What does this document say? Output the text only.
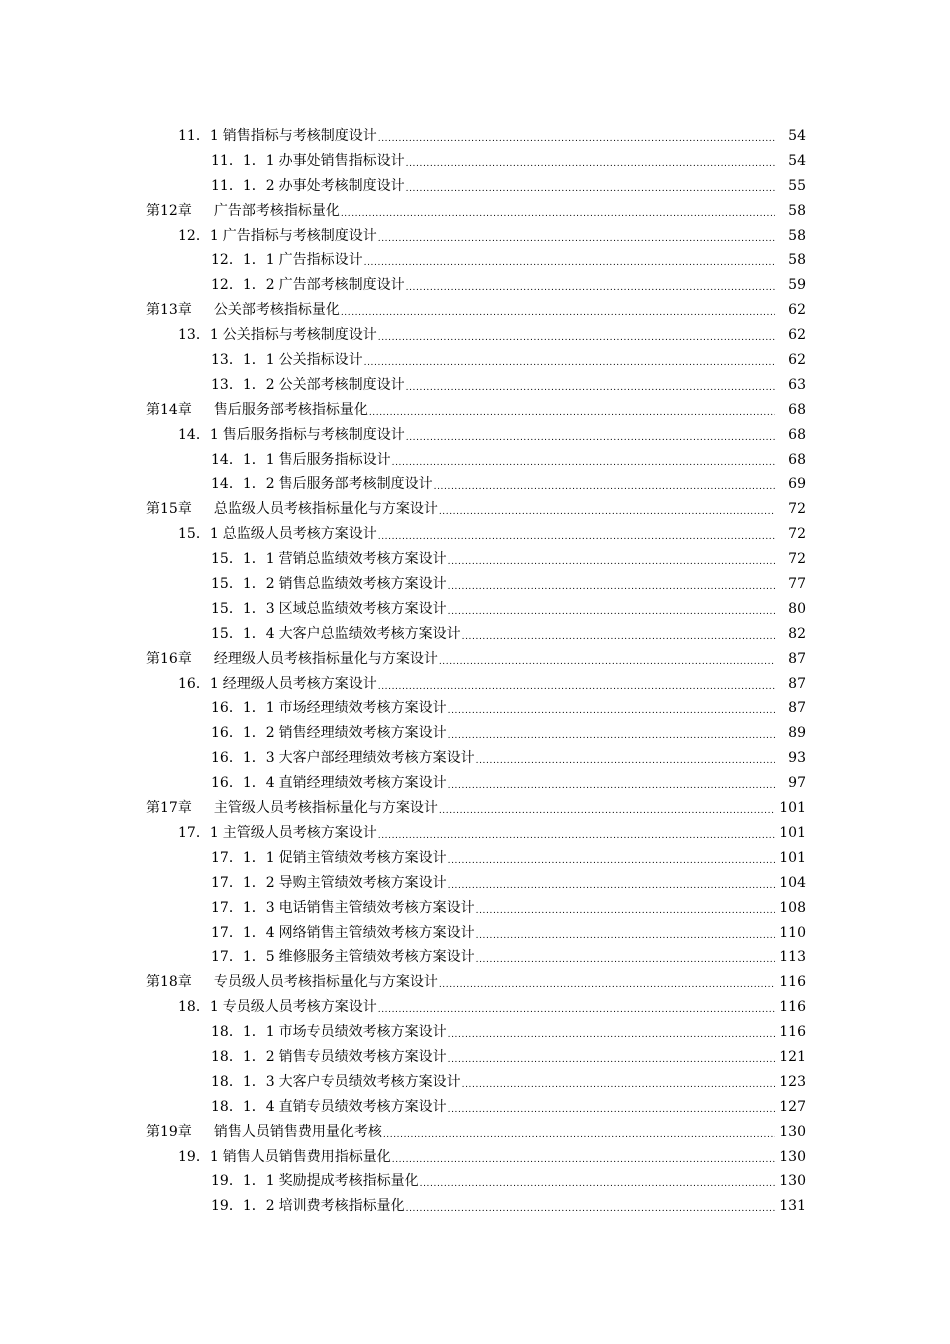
11．1 销售指标与考核制度设计 .....	54
11．1．1 办事处销售指标设计 .....	54
11．1．2 办事处考核制度设计 .....	55
第12章 广告部考核指标量化 .....	58
12．1 广告指标与考核制度设计 .....	58
12．1．1 广告指标设计 .....	58
12．1．2 广告部考核制度设计 .....	59
第13章 公关部考核指标量化 .....	62
13．1 公关指标与考核制度设计 .....	62
13．1．1 公关指标设计 .....	62
13．1．2 公关部考核制度设计 .....	63
第14章 售后服务部考核指标量化 .....	68
14．1 售后服务指标与考核制度设计 .....	68
14．1．1 售后服务指标设计 .....	68
14．1．2 售后服务部考核制度设计 .....	69
第15章 总监级人员考核指标量化与方案设计 .....	72
15．1 总监级人员考核方案设计 .....	72
15．1．1 营销总监绩效考核方案设计 .....	72
15．1．2 销售总监绩效考核方案设计 .....	77
15．1．3 区域总监绩效考核方案设计 .....	80
15．1．4 大客户总监绩效考核方案设计 .....	82
第16章 经理级人员考核指标量化与方案设计 .....	87
16．1 经理级人员考核方案设计 .....	87
16．1．1 市场经理绩效考核方案设计 .....	87
16．1．2 销售经理绩效考核方案设计 .....	89
16．1．3 大客户部经理绩效考核方案设计 .....	93
16．1．4 直销经理绩效考核方案设计 .....	97
第17章 主管级人员考核指标量化与方案设计 .....	101
17．1 主管级人员考核方案设计 .....	101
17．1．1 促销主管绩效考核方案设计 .....	101
17．1．2 导购主管绩效考核方案设计 .....	104
17．1．3 电话销售主管绩效考核方案设计 .....	108
17．1．4 网络销售主管绩效考核方案设计 .....	110
17．1．5 维修服务主管绩效考核方案设计 .....	113
第18章 专员级人员考核指标量化与方案设计 .....	116
18．1 专员级人员考核方案设计 .....	116
18．1．1 市场专员绩效考核方案设计 .....	116
18．1．2 销售专员绩效考核方案设计 .....	121
18．1．3 大客户专员绩效考核方案设计 .....	123
18．1．4 直销专员绩效考核方案设计 .....	127
第19章 销售人员销售费用量化考核 .....	130
19．1 销售人员销售费用指标量化 .....	130
19．1．1 奖励提成考核指标量化 .....	130
19．1．2 培训费考核指标量化 .....	131
